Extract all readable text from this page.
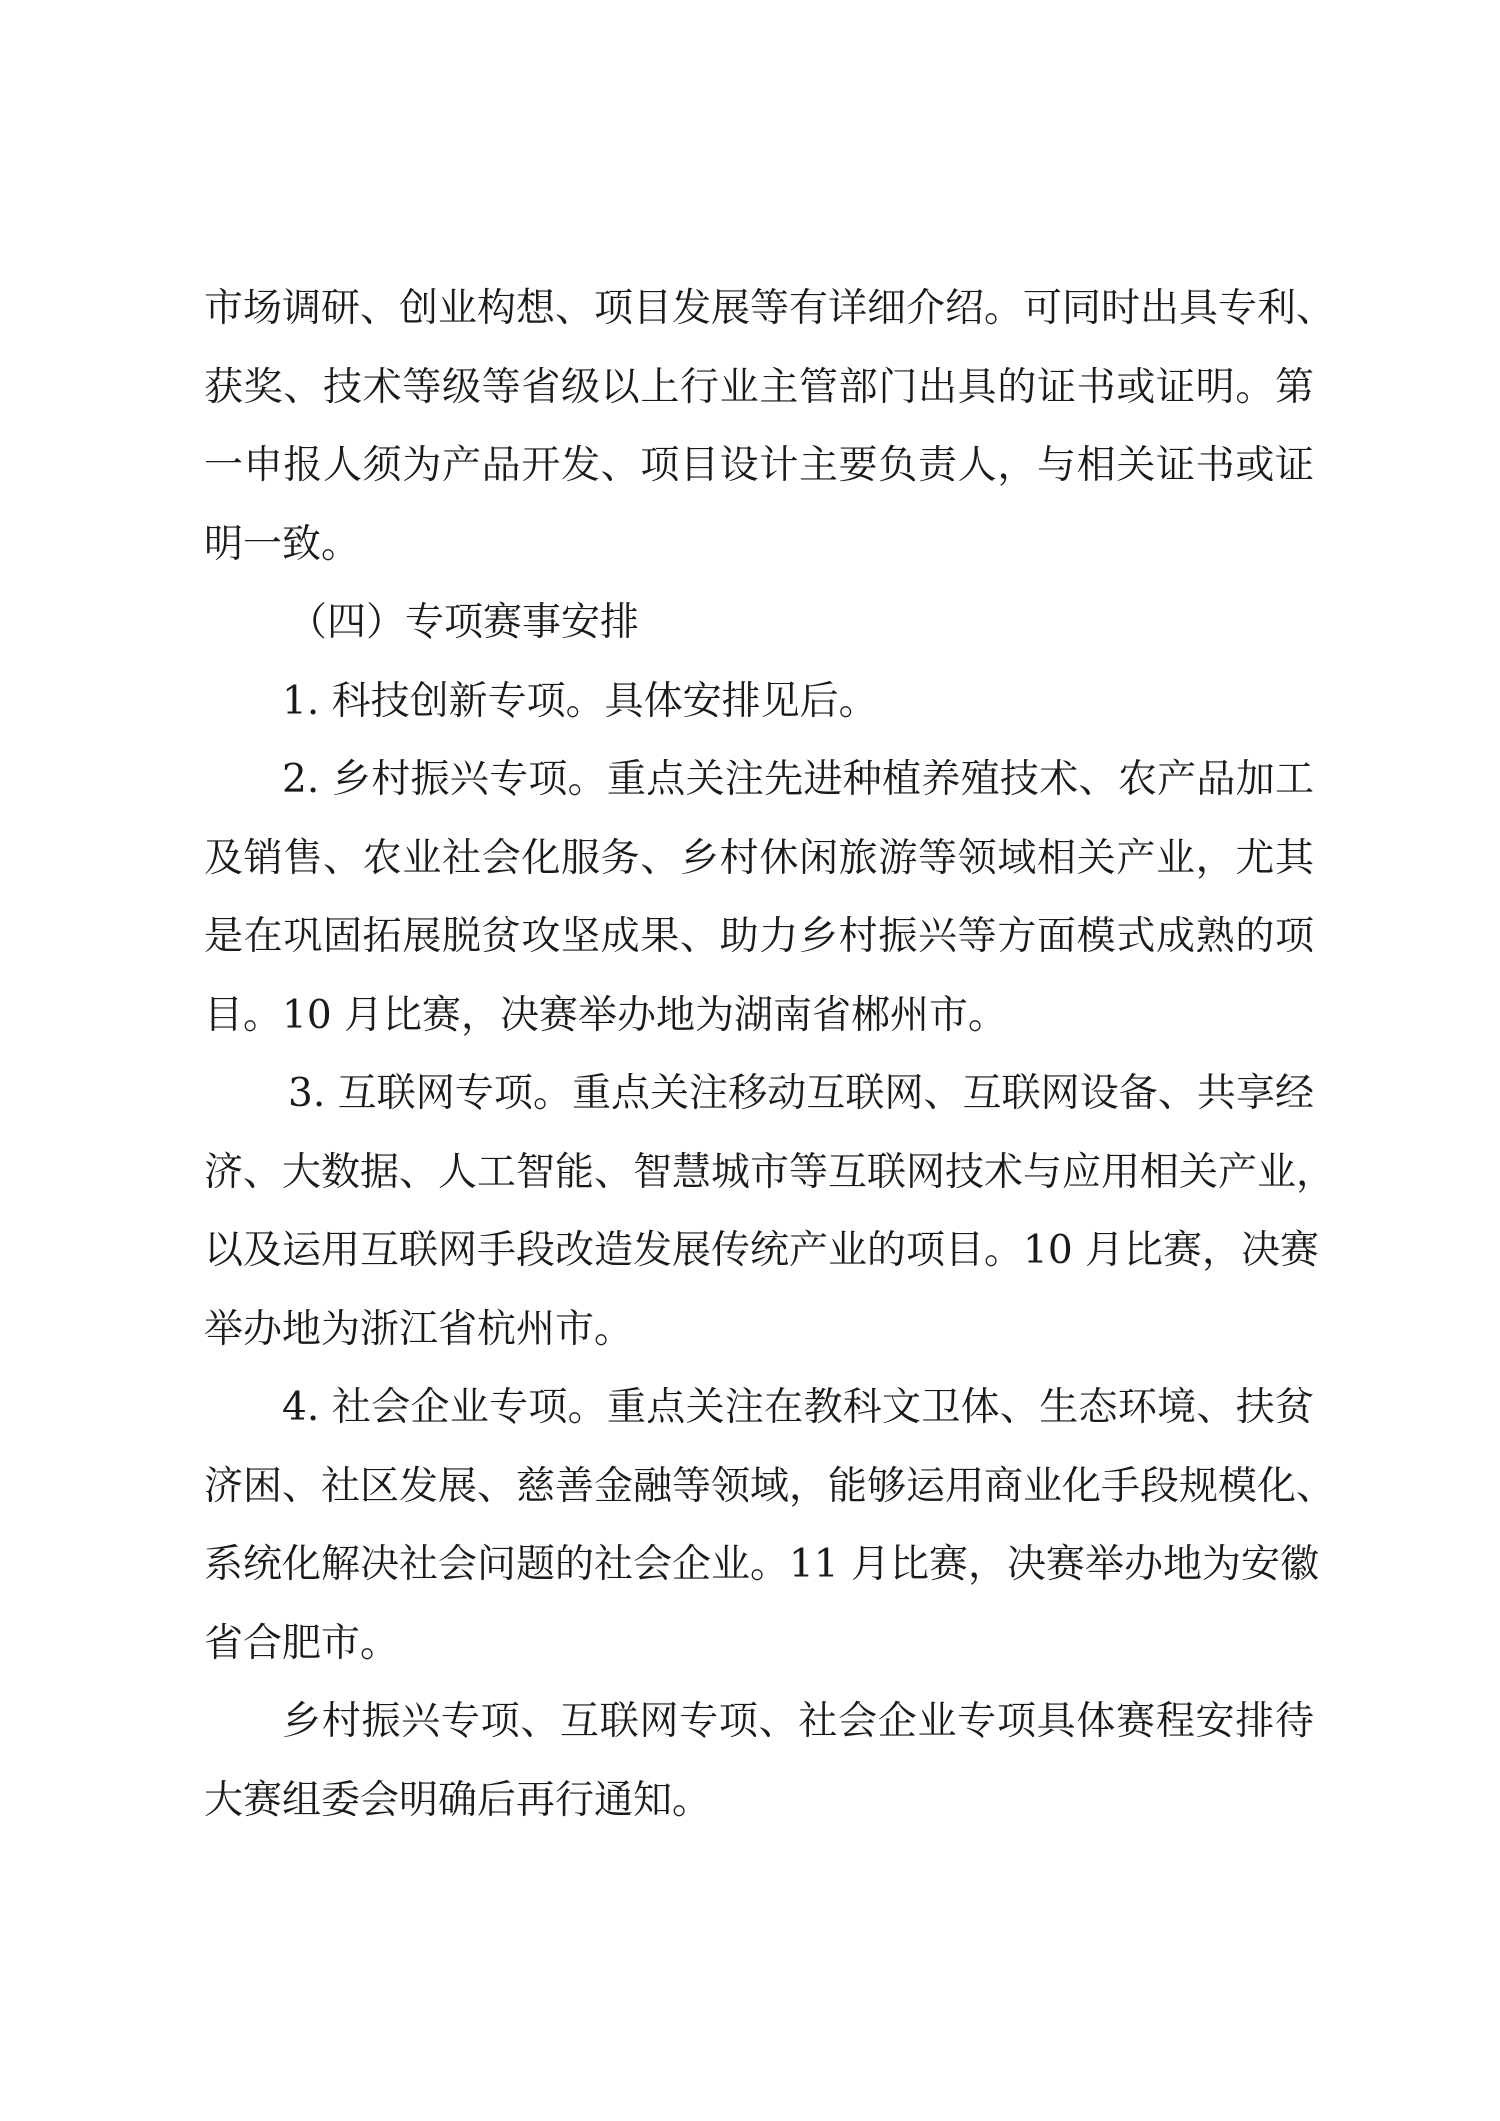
市场调研、创业构想、项目发展等有详细介绍。可同时出具专利、
获奖、技术等级等省级以上行业主管部门出具的证书或证明。第
一申报人须为产品开发、项目设计主要负责人，与相关证书或证
明一致。
（四）专项赛事安排
1. 科技创新专项。具体安排见后。
2. 乡村振兴专项。重点关注先进种植养殖技术、农产品加工
及销售、农业社会化服务、乡村休闲旅游等领域相关产业，尤其
是在巩固拓展脱贫攻坚成果、助力乡村振兴等方面模式成熟的项
目。10 月比赛，决赛举办地为湖南省郴州市。
3. 互联网专项。重点关注移动互联网、互联网设备、共享经
济、大数据、人工智能、智慧城市等互联网技术与应用相关产业，
以及运用互联网手段改造发展传统产业的项目。10 月比赛，决赛
举办地为浙江省杭州市。
4. 社会企业专项。重点关注在教科文卫体、生态环境、扶贫
济困、社区发展、慈善金融等领域，能够运用商业化手段规模化、
系统化解决社会问题的社会企业。11 月比赛，决赛举办地为安徽
省合肥市。
乡村振兴专项、互联网专项、社会企业专项具体赛程安排待
大赛组委会明确后再行通知。
